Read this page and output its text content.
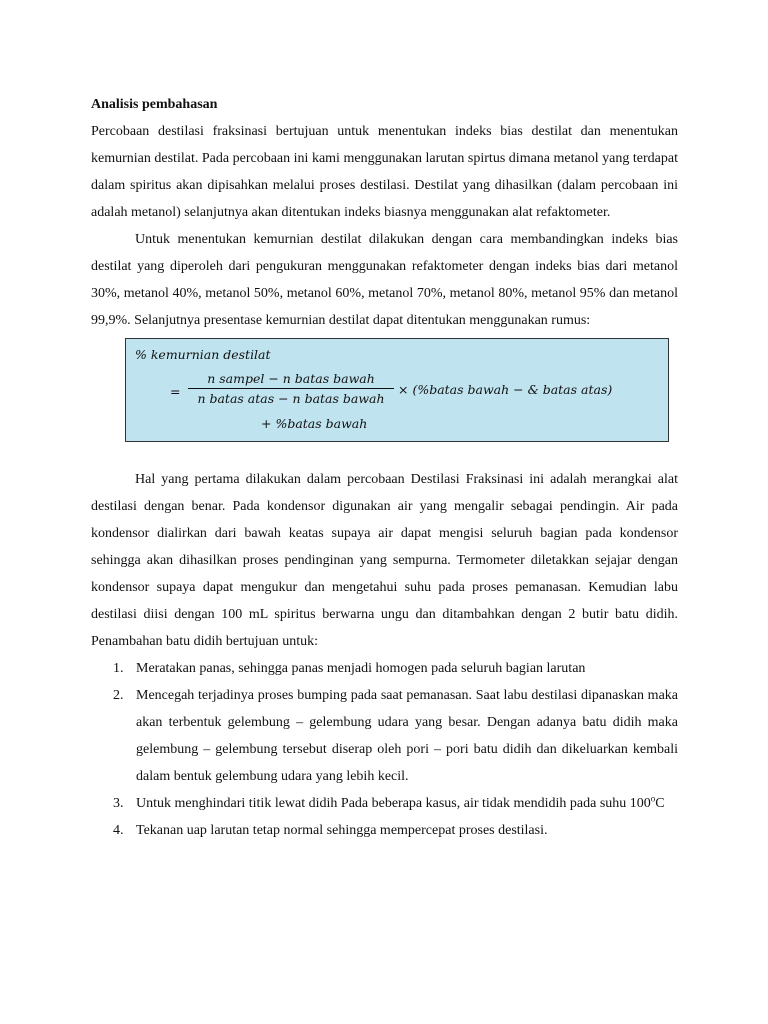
Analisis pembahasan

Percobaan destilasi fraksinasi bertujuan untuk menentukan indeks bias destilat dan menentukan kemurnian destilat. Pada percobaan ini kami menggunakan larutan spirtus dimana metanol yang terdapat dalam spiritus akan dipisahkan melalui proses destilasi. Destilat yang dihasilkan (dalam percobaan ini adalah metanol) selanjutnya akan ditentukan indeks biasnya menggunakan alat refaktometer.

Untuk menentukan kemurnian destilat dilakukan dengan cara membandingkan indeks bias destilat yang diperoleh dari pengukuran menggunakan refaktometer dengan indeks bias dari metanol 30%, metanol 40%, metanol 50%, metanol 60%, metanol 70%, metanol 80%, metanol 95% dan metanol 99,9%. Selanjutnya presentase kemurnian destilat dapat ditentukan menggunakan rumus:

% kemurnian destilat
=
n sampel − n batas bawah
n batas atas − n batas bawah
× (%batas bawah − & batas atas)
+ %batas bawah

Hal yang pertama dilakukan dalam percobaan Destilasi Fraksinasi ini adalah merangkai alat destilasi dengan benar. Pada kondensor digunakan air yang mengalir sebagai pendingin. Air pada kondensor dialirkan dari bawah keatas supaya air dapat mengisi seluruh bagian pada kondensor sehingga akan dihasilkan proses pendinginan yang sempurna. Termometer diletakkan sejajar dengan kondensor supaya dapat mengukur dan mengetahui suhu pada proses pemanasan. Kemudian labu destilasi diisi dengan 100 mL spiritus berwarna ungu dan ditambahkan dengan 2 butir batu didih. Penambahan batu didih bertujuan untuk:

1. Meratakan panas, sehingga panas menjadi homogen pada seluruh bagian larutan
2. Mencegah terjadinya proses bumping pada saat pemanasan. Saat labu destilasi dipanaskan maka akan terbentuk gelembung – gelembung udara yang besar. Dengan adanya batu didih maka gelembung – gelembung tersebut diserap oleh pori – pori batu didih dan dikeluarkan kembali dalam bentuk gelembung udara yang lebih kecil.
3. Untuk menghindari titik lewat didih Pada beberapa kasus, air tidak mendidih pada suhu 100$^o$C
4. Tekanan uap larutan tetap normal sehingga mempercepat proses destilasi.
